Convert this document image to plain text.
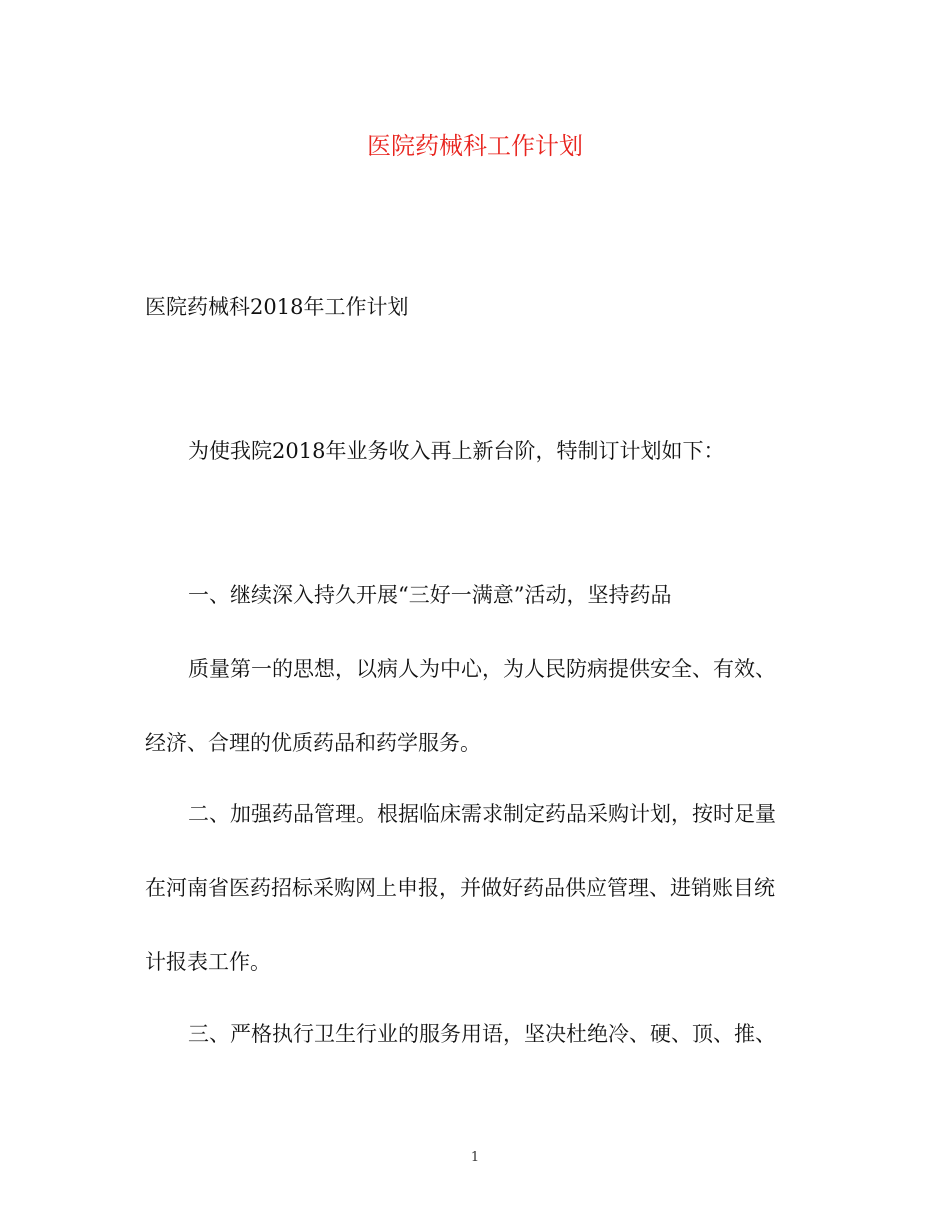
医院药械科工作计划
医院药械科2018年工作计划
为使我院2018年业务收入再上新台阶，特制订计划如下：
一、继续深入持久开展“三好一满意”活动，坚持药品
质量第一的思想，以病人为中心，为人民防病提供安全、有效、
经济、合理的优质药品和药学服务。
二、加强药品管理。根据临床需求制定药品采购计划，按时足量
在河南省医药招标采购网上申报，并做好药品供应管理、进销账目统
计报表工作。
三、严格执行卫生行业的服务用语，坚决杜绝冷、硬、顶、推、
1
